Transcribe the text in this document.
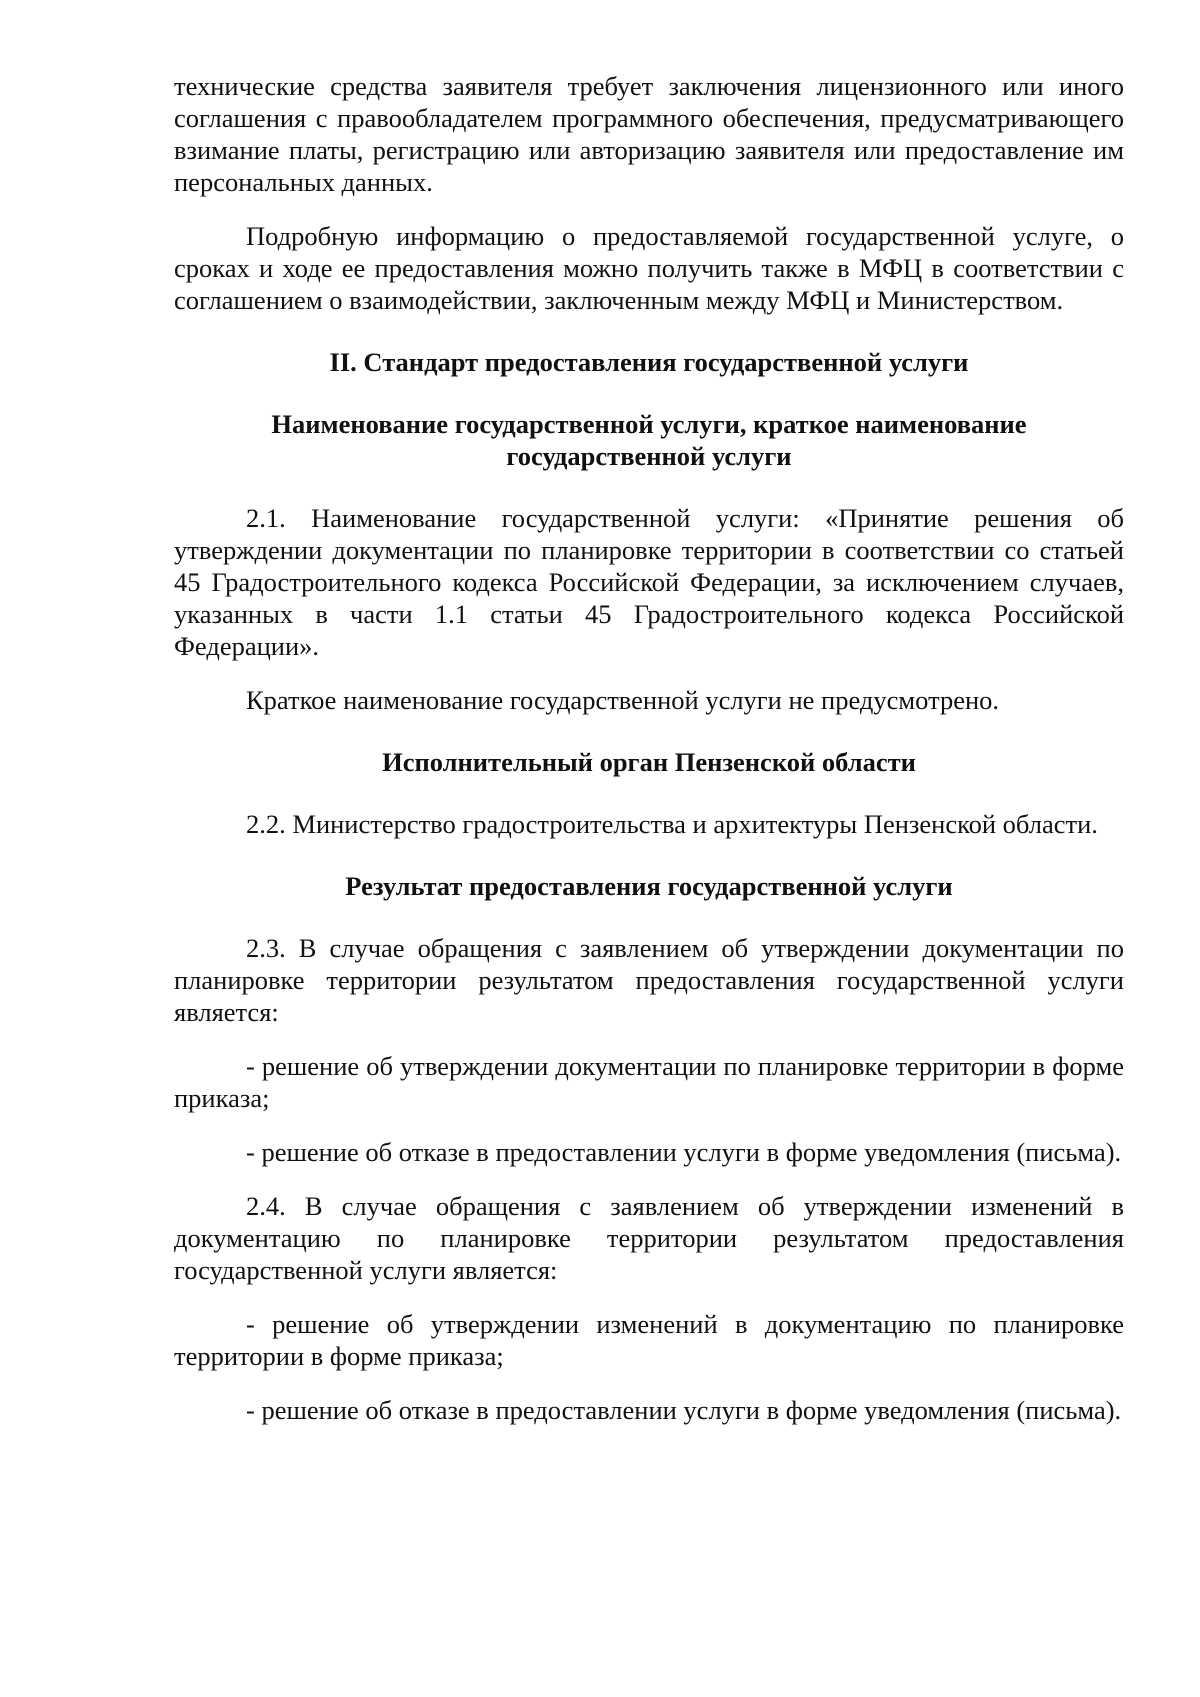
технические средства заявителя требует заключения лицензионного или иного соглашения с правообладателем программного обеспечения, предусматривающего взимание платы, регистрацию или авторизацию заявителя или предоставление им персональных данных.

Подробную информацию о предоставляемой государственной услуге, о сроках и ходе ее предоставления можно получить также в МФЦ в соответствии с соглашением о взаимодействии, заключенным между МФЦ и Министерством.

II. Стандарт предоставления государственной услуги

Наименование государственной услуги, краткое наименование

государственной услуги

2.1. Наименование государственной услуги: «Принятие решения об утверждении документации по планировке территории в соответствии со статьей 45 Градостроительного кодекса Российской Федерации, за исключением случаев, указанных в части 1.1 статьи 45 Градостроительного кодекса Российской Федерации».

Краткое наименование государственной услуги не предусмотрено.

Исполнительный орган Пензенской области

2.2. Министерство градостроительства и архитектуры Пензенской области.

Результат предоставления государственной услуги

2.3. В случае обращения с заявлением об утверждении документации по планировке территории результатом предоставления государственной услуги является:

- решение об утверждении документации по планировке территории в форме приказа;

- решение об отказе в предоставлении услуги в форме уведомления (письма).

2.4. В случае обращения с заявлением об утверждении изменений в документацию по планировке территории результатом предоставления государственной услуги является:

- решение об утверждении изменений в документацию по планировке территории в форме приказа;

- решение об отказе в предоставлении услуги в форме уведомления (письма).
